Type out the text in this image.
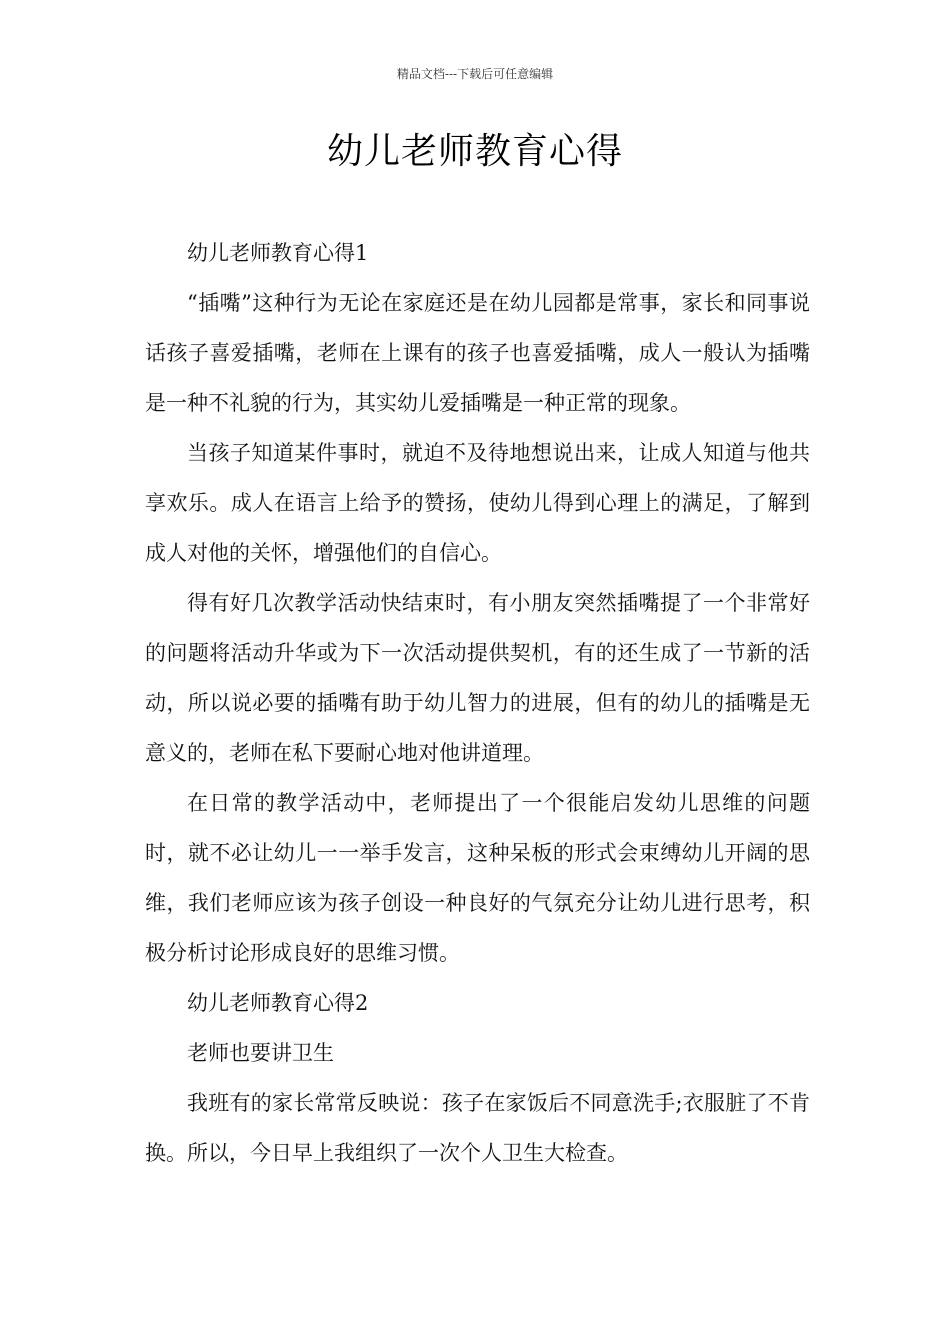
精品文档---下载后可任意编辑
幼儿老师教育心得

幼儿老师教育心得1

“插嘴”这种行为无论在家庭还是在幼儿园都是常事，家长和同事说话孩子喜爱插嘴，老师在上课有的孩子也喜爱插嘴，成人一般认为插嘴是一种不礼貌的行为，其实幼儿爱插嘴是一种正常的现象。

当孩子知道某件事时，就迫不及待地想说出来，让成人知道与他共享欢乐。成人在语言上给予的赞扬，使幼儿得到心理上的满足，了解到成人对他的关怀，增强他们的自信心。

得有好几次教学活动快结束时，有小朋友突然插嘴提了一个非常好的问题将活动升华或为下一次活动提供契机，有的还生成了一节新的活动，所以说必要的插嘴有助于幼儿智力的进展，但有的幼儿的插嘴是无意义的，老师在私下要耐心地对他讲道理。

在日常的教学活动中，老师提出了一个很能启发幼儿思维的问题时，就不必让幼儿一一举手发言，这种呆板的形式会束缚幼儿开阔的思维，我们老师应该为孩子创设一种良好的气氛充分让幼儿进行思考，积极分析讨论形成良好的思维习惯。

幼儿老师教育心得2

老师也要讲卫生

我班有的家长常常反映说：孩子在家饭后不同意洗手;衣服脏了不肯换。所以，今日早上我组织了一次个人卫生大检查。
